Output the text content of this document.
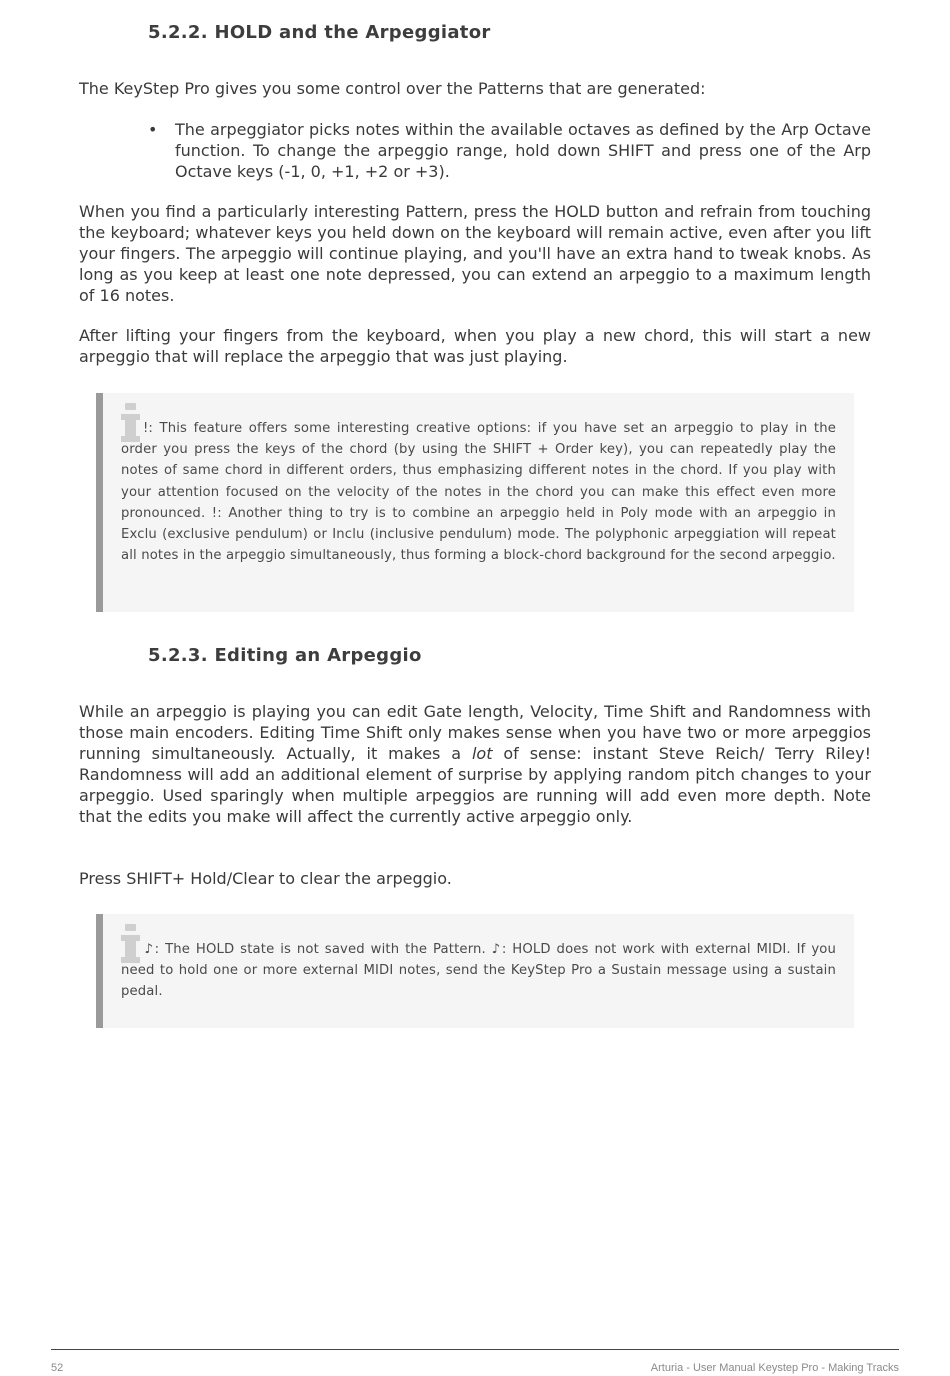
5.2.2. HOLD and the Arpeggiator

The KeyStep Pro gives you some control over the Patterns that are generated:

• The arpeggiator picks notes within the available octaves as defined by the Arp Octave function. To change the arpeggio range, hold down SHIFT and press one of the Arp Octave keys (-1, 0, +1, +2 or +3).

When you find a particularly interesting Pattern, press the HOLD button and refrain from touching the keyboard; whatever keys you held down on the keyboard will remain active, even after you lift your fingers. The arpeggio will continue playing, and you'll have an extra hand to tweak knobs. As long as you keep at least one note depressed, you can extend an arpeggio to a maximum length of 16 notes.

After lifting your fingers from the keyboard, when you play a new chord, this will start a new arpeggio that will replace the arpeggio that was just playing.

!: This feature offers some interesting creative options: if you have set an arpeggio to play in the order you press the keys of the chord (by using the SHIFT + Order key), you can repeatedly play the notes of same chord in different orders, thus emphasizing different notes in the chord. If you play with your attention focused on the velocity of the notes in the chord you can make this effect even more pronounced. !: Another thing to try is to combine an arpeggio held in Poly mode with an arpeggio in Exclu (exclusive pendulum) or Inclu (inclusive pendulum) mode. The polyphonic arpeggiation will repeat all notes in the arpeggio simultaneously, thus forming a block-chord background for the second arpeggio.

5.2.3. Editing an Arpeggio

While an arpeggio is playing you can edit Gate length, Velocity, Time Shift and Randomness with those main encoders. Editing Time Shift only makes sense when you have two or more arpeggios running simultaneously. Actually, it makes a lot of sense: instant Steve Reich/ Terry Riley! Randomness will add an additional element of surprise by applying random pitch changes to your arpeggio. Used sparingly when multiple arpeggios are running will add even more depth. Note that the edits you make will affect the currently active arpeggio only.

Press SHIFT+ Hold/Clear to clear the arpeggio.

♪: The HOLD state is not saved with the Pattern. ♪: HOLD does not work with external MIDI. If you need to hold one or more external MIDI notes, send the KeyStep Pro a Sustain message using a sustain pedal.

52	Arturia - User Manual Keystep Pro - Making Tracks
